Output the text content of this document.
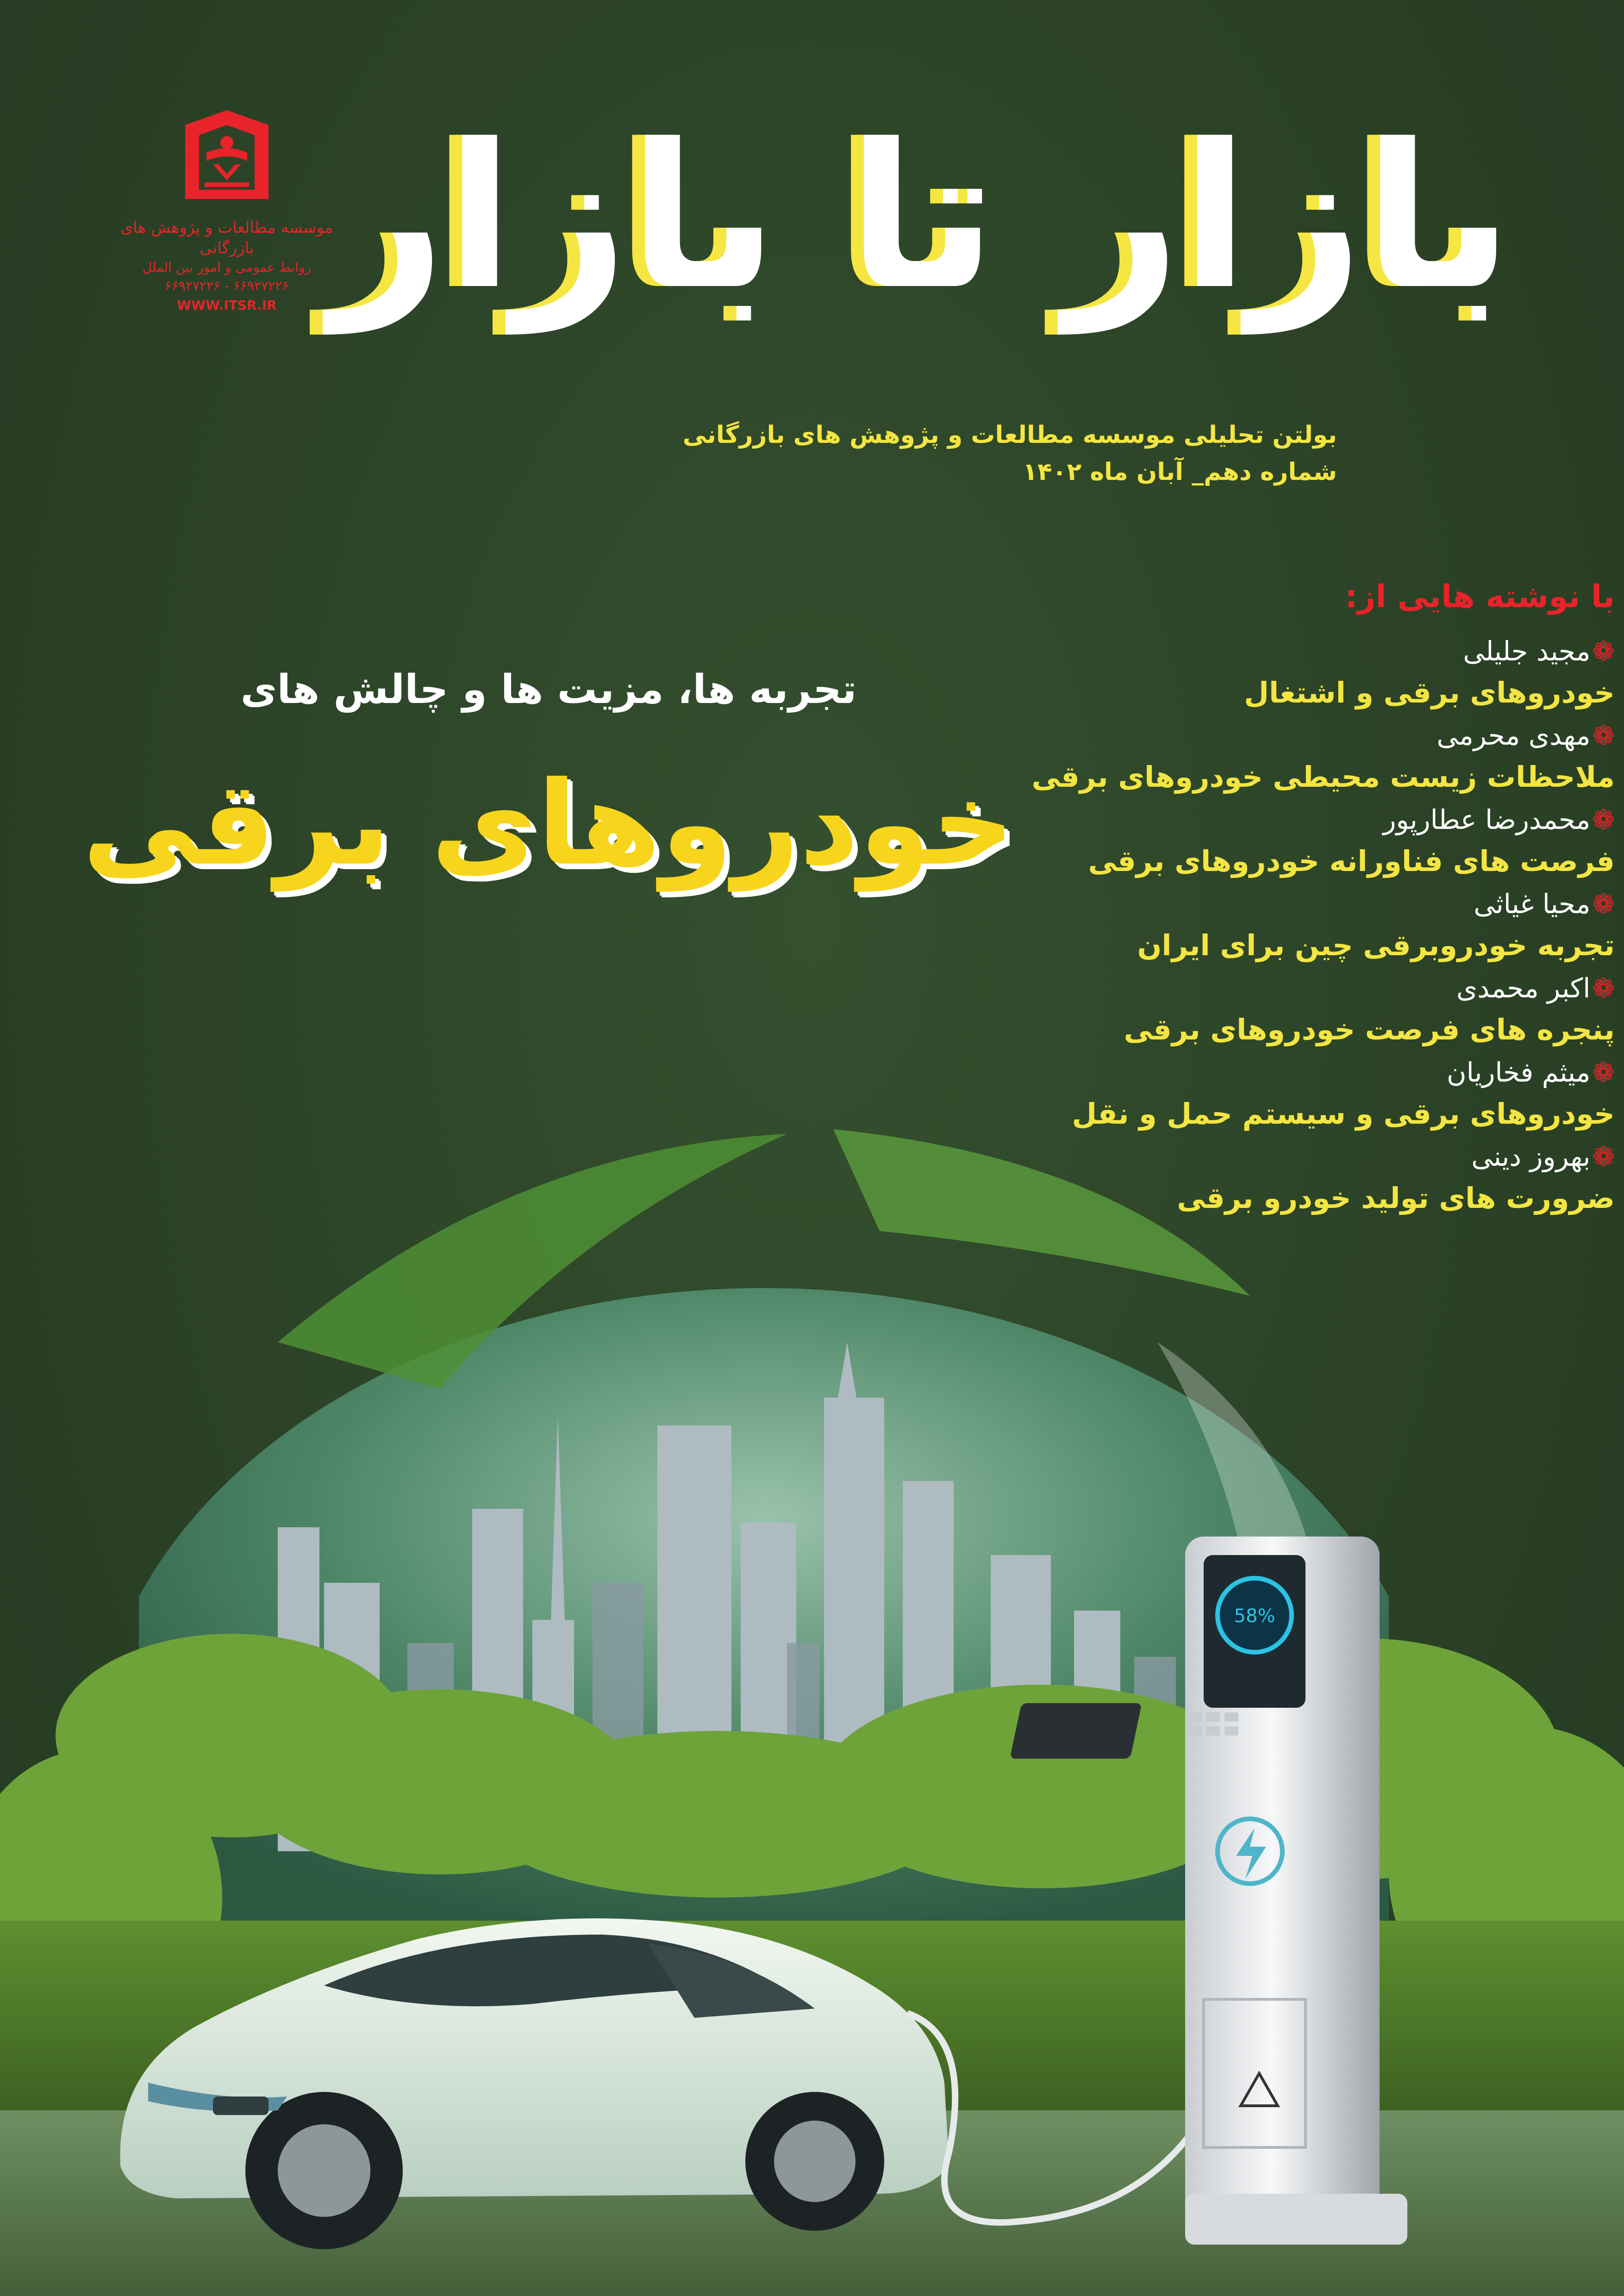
موسسه مطالعات و پژوهش های بازرگانی
روابط عمومی و امور بین الملل
۶۶۹۲۷۲۲۶ - ۶۶۹۲۷۲۲۶
WWW.ITSR.IR بازار تا بازار
بولتن تحلیلی موسسه مطالعات و پژوهش های بازرگانی
شماره دهم_ آبان ماه ۱۴۰۲
تجربه ها، مزیت ها و چالش های
خودروهای برقی
با نوشته هایی از:
❁مجید جلیلی
خودروهای برقی و اشتغال
❁مهدی محرمی
ملاحظات زیست محیطی خودروهای برقی
❁محمدرضا عطارپور
فرصت های فناورانه خودروهای برقی
❁محیا غیاثی
تجربه خودروبرقی چین برای ایران
❁اکبر محمدی
پنجره های فرصت خودروهای برقی
❁میثم فخاریان
خودروهای برقی و سیستم حمل و نقل
❁بهروز دینی
ضرورت های تولید خودرو برقی
58%
